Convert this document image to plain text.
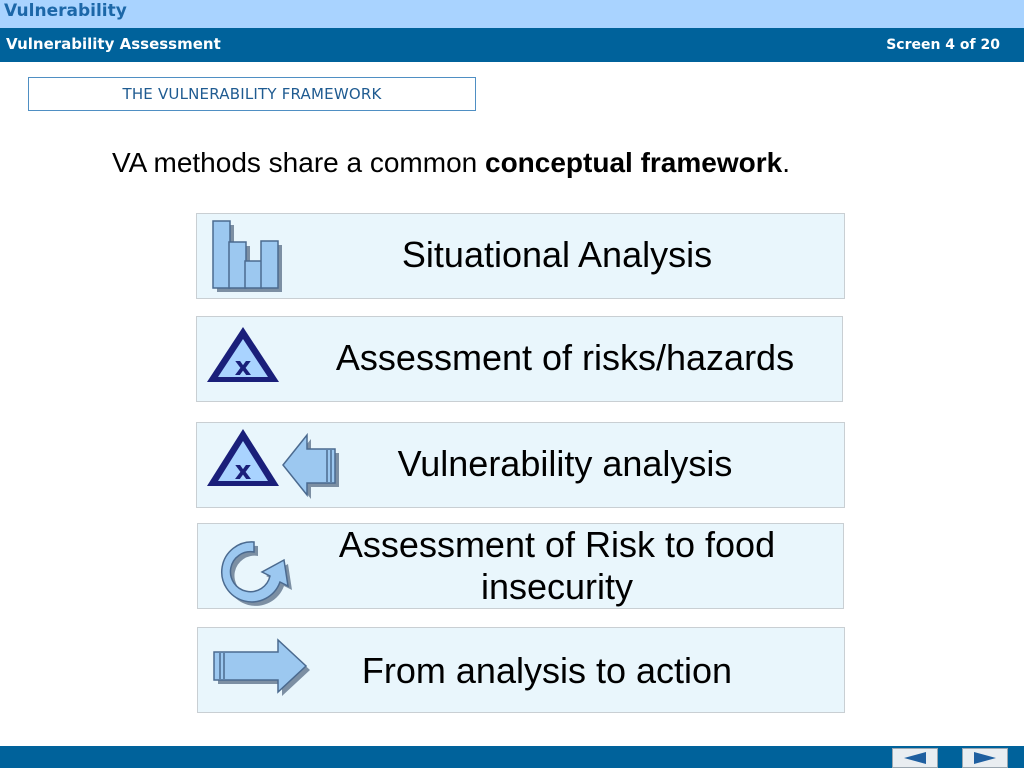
Vulnerability
Vulnerability Assessment	Screen 4 of 20
THE VULNERABILITY FRAMEWORK
VA methods share a common conceptual framework.
Situational Analysis
x	Assessment of risks/hazards
x	Vulnerability analysis
Assessment of Risk to food insecurity
From analysis to action
